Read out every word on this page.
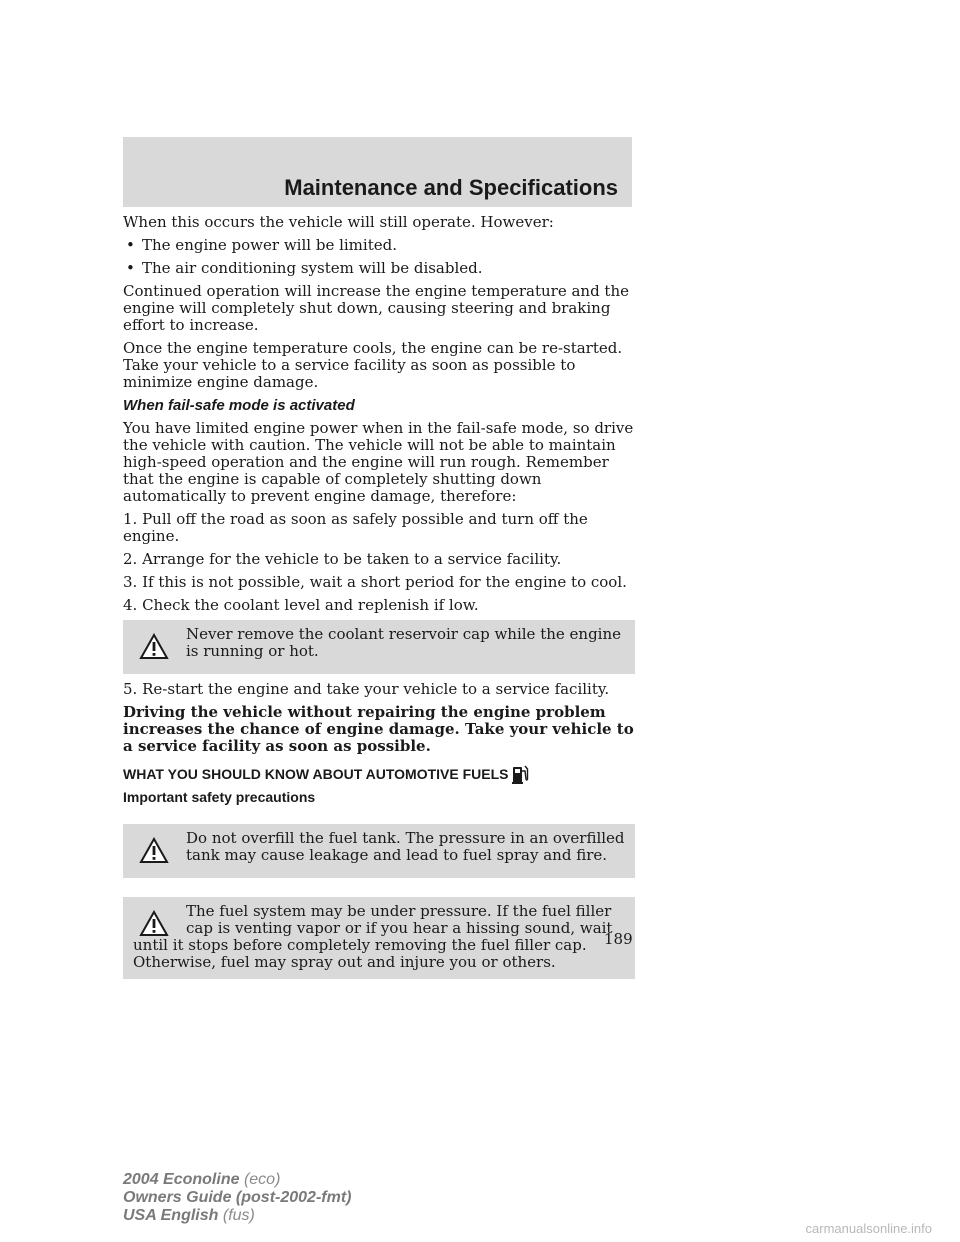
Maintenance and Specifications

When this occurs the vehicle will still operate. However:

• The engine power will be limited.
• The air conditioning system will be disabled.

Continued operation will increase the engine temperature and the engine will completely shut down, causing steering and braking effort to increase.

Once the engine temperature cools, the engine can be re-started. Take your vehicle to a service facility as soon as possible to minimize engine damage.

When fail-safe mode is activated

You have limited engine power when in the fail-safe mode, so drive the vehicle with caution. The vehicle will not be able to maintain high-speed operation and the engine will run rough. Remember that the engine is capable of completely shutting down automatically to prevent engine damage, therefore:

1. Pull off the road as soon as safely possible and turn off the engine.

2. Arrange for the vehicle to be taken to a service facility.

3. If this is not possible, wait a short period for the engine to cool.

4. Check the coolant level and replenish if low.

Never remove the coolant reservoir cap while the engine is running or hot.

5. Re-start the engine and take your vehicle to a service facility.

Driving the vehicle without repairing the engine problem increases the chance of engine damage. Take your vehicle to a service facility as soon as possible.

WHAT YOU SHOULD KNOW ABOUT AUTOMOTIVE FUELS
Important safety precautions
Do not overfill the fuel tank. The pressure in an overfilled tank may cause leakage and lead to fuel spray and fire.
The fuel system may be under pressure. If the fuel filler cap is venting vapor or if you hear a hissing sound, wait until it stops before completely removing the fuel filler cap. Otherwise, fuel may spray out and injure you or others.
189
2004 Econoline (eco)
Owners Guide (post-2002-fmt)
USA English (fus)
carmanualsonline.info
